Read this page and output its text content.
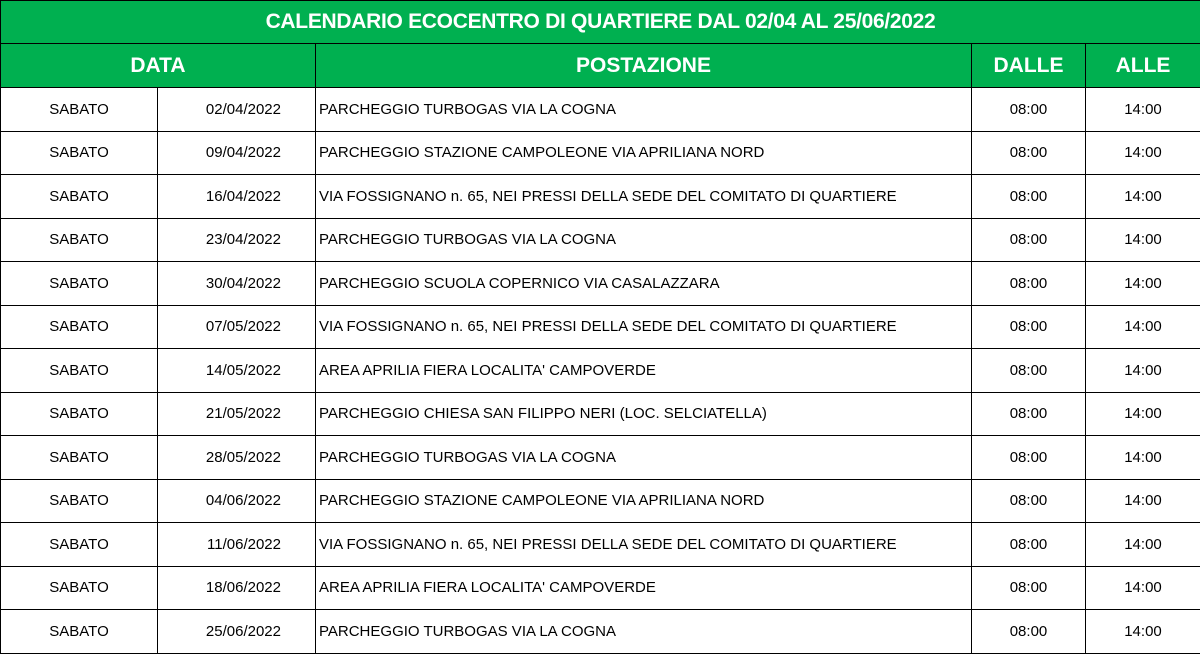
CALENDARIO ECOCENTRO DI QUARTIERE DAL 02/04 AL 25/06/2022				
DATA		POSTAZIONE	DALLE	ALLE
SABATO	02/04/2022	PARCHEGGIO TURBOGAS VIA LA COGNA	08:00	14:00
SABATO	09/04/2022	PARCHEGGIO STAZIONE CAMPOLEONE VIA APRILIANA NORD	08:00	14:00
SABATO	16/04/2022	VIA FOSSIGNANO n. 65, NEI PRESSI DELLA SEDE DEL COMITATO DI QUARTIERE	08:00	14:00
SABATO	23/04/2022	PARCHEGGIO TURBOGAS VIA LA COGNA	08:00	14:00
SABATO	30/04/2022	PARCHEGGIO SCUOLA COPERNICO VIA CASALAZZARA	08:00	14:00
SABATO	07/05/2022	VIA FOSSIGNANO n. 65, NEI PRESSI DELLA SEDE DEL COMITATO DI QUARTIERE	08:00	14:00
SABATO	14/05/2022	AREA APRILIA FIERA LOCALITA' CAMPOVERDE	08:00	14:00
SABATO	21/05/2022	PARCHEGGIO CHIESA SAN FILIPPO NERI (LOC. SELCIATELLA)	08:00	14:00
SABATO	28/05/2022	PARCHEGGIO TURBOGAS VIA LA COGNA	08:00	14:00
SABATO	04/06/2022	PARCHEGGIO STAZIONE CAMPOLEONE VIA APRILIANA NORD	08:00	14:00
SABATO	11/06/2022	VIA FOSSIGNANO n. 65, NEI PRESSI DELLA SEDE DEL COMITATO DI QUARTIERE	08:00	14:00
SABATO	18/06/2022	AREA APRILIA FIERA LOCALITA' CAMPOVERDE	08:00	14:00
SABATO	25/06/2022	PARCHEGGIO TURBOGAS VIA LA COGNA	08:00	14:00
